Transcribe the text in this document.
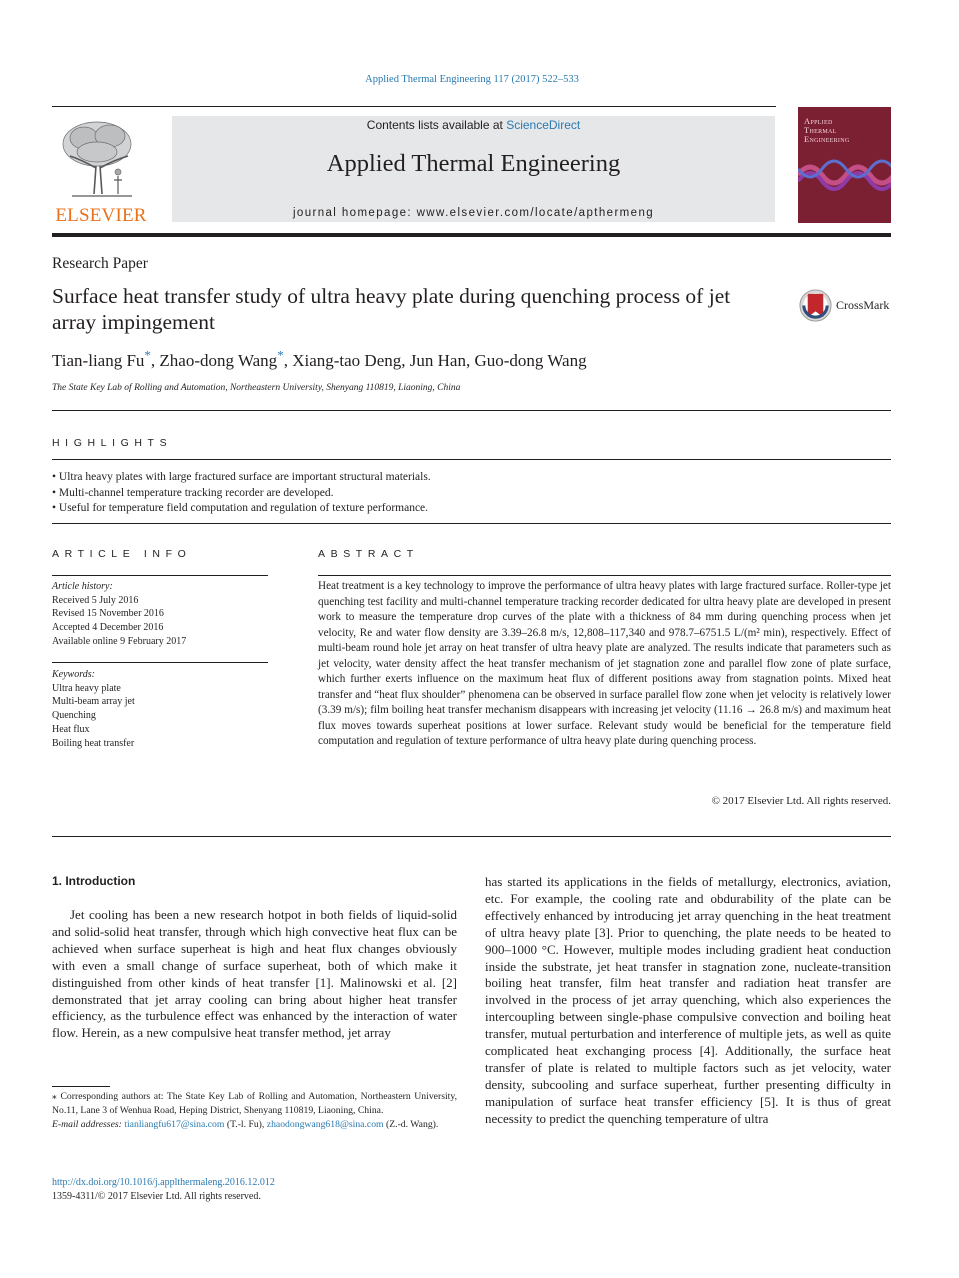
Applied Thermal Engineering 117 (2017) 522–533
ELSEVIER
Contents lists available at ScienceDirect
Applied Thermal Engineering
journal homepage: www.elsevier.com/locate/apthermeng
Applied
Thermal
Engineering
Research Paper
Surface heat transfer study of ultra heavy plate during quenching process of jet array impingement
CrossMark
Tian-liang Fu*, Zhao-dong Wang*, Xiang-tao Deng, Jun Han, Guo-dong Wang
The State Key Lab of Rolling and Automation, Northeastern University, Shenyang 110819, Liaoning, China
HIGHLIGHTS
• Ultra heavy plates with large fractured surface are important structural materials.
• Multi-channel temperature tracking recorder are developed.
• Useful for temperature field computation and regulation of texture performance.
ARTICLE INFO
Article history:
Received 5 July 2016
Revised 15 November 2016
Accepted 4 December 2016
Available online 9 February 2017
Keywords:
Ultra heavy plate
Multi-beam array jet
Quenching
Heat flux
Boiling heat transfer
ABSTRACT
Heat treatment is a key technology to improve the performance of ultra heavy plates with large fractured surface. Roller-type jet quenching test facility and multi-channel temperature tracking recorder dedicated for ultra heavy plate are developed in present work to measure the temperature drop curves of the plate with a thickness of 84 mm during quenching process when jet velocity, Re and water flow density are 3.39–26.8 m/s, 12,808–117,340 and 978.7–6751.5 L/(m² min), respectively. Effect of multi-beam round hole jet array on heat transfer of ultra heavy plate are analyzed. The results indicate that parameters such as jet velocity, water density affect the heat transfer mechanism of jet stagnation zone and parallel flow zone of plate surface, which further exerts influence on the maximum heat flux of different positions away from stagnation points. Mixed heat transfer and “heat flux shoulder” phenomena can be observed in surface parallel flow zone when jet velocity is relatively lower (3.39 m/s); film boiling heat transfer mechanism disappears with increasing jet velocity (11.16 → 26.8 m/s) and maximum heat flux moves towards superheat positions at lower surface. Relevant study would be beneficial for the temperature field computation and regulation of texture performance of ultra heavy plate during quenching process.
© 2017 Elsevier Ltd. All rights reserved.
1. Introduction

Jet cooling has been a new research hotpot in both fields of liquid-solid and solid-solid heat transfer, through which high convective heat flux can be achieved when surface superheat is high and heat flux changes obviously with even a small change of surface superheat, both of which make it distinguished from other kinds of heat transfer [1]. Malinowski et al. [2] demonstrated that jet array cooling can bring about higher heat transfer efficiency, as the turbulence effect was enhanced by the interaction of water flow. Herein, as a new compulsive heat transfer method, jet array

has started its applications in the fields of metallurgy, electronics, aviation, etc. For example, the cooling rate and obdurability of the plate can be effectively enhanced by introducing jet array quenching in the heat treatment of ultra heavy plate [3]. Prior to quenching, the plate needs to be heated to 900–1000 °C. However, multiple modes including gradient heat conduction inside the substrate, jet heat transfer in stagnation zone, nucleate-transition boiling heat transfer, film heat transfer and radiation heat transfer are involved in the process of jet array quenching, which also experiences the intercoupling between single-phase compulsive convection and boiling heat transfer, mutual perturbation and interference of multiple jets, as well as quite complicated heat exchanging process [4]. Additionally, the surface heat transfer of plate is related to multiple factors such as jet velocity, water density, subcooling and surface superheat, further presenting difficulty in manipulation of surface heat transfer efficiency [5]. It is thus of great necessity to predict the quenching temperature of ultra

⁎ Corresponding authors at: The State Key Lab of Rolling and Automation, Northeastern University, No.11, Lane 3 of Wenhua Road, Heping District, Shenyang 110819, Liaoning, China.
E-mail addresses: tianliangfu617@sina.com (T.-l. Fu), zhaodongwang618@sina.com (Z.-d. Wang).
http://dx.doi.org/10.1016/j.applthermaleng.2016.12.012
1359-4311/© 2017 Elsevier Ltd. All rights reserved.
